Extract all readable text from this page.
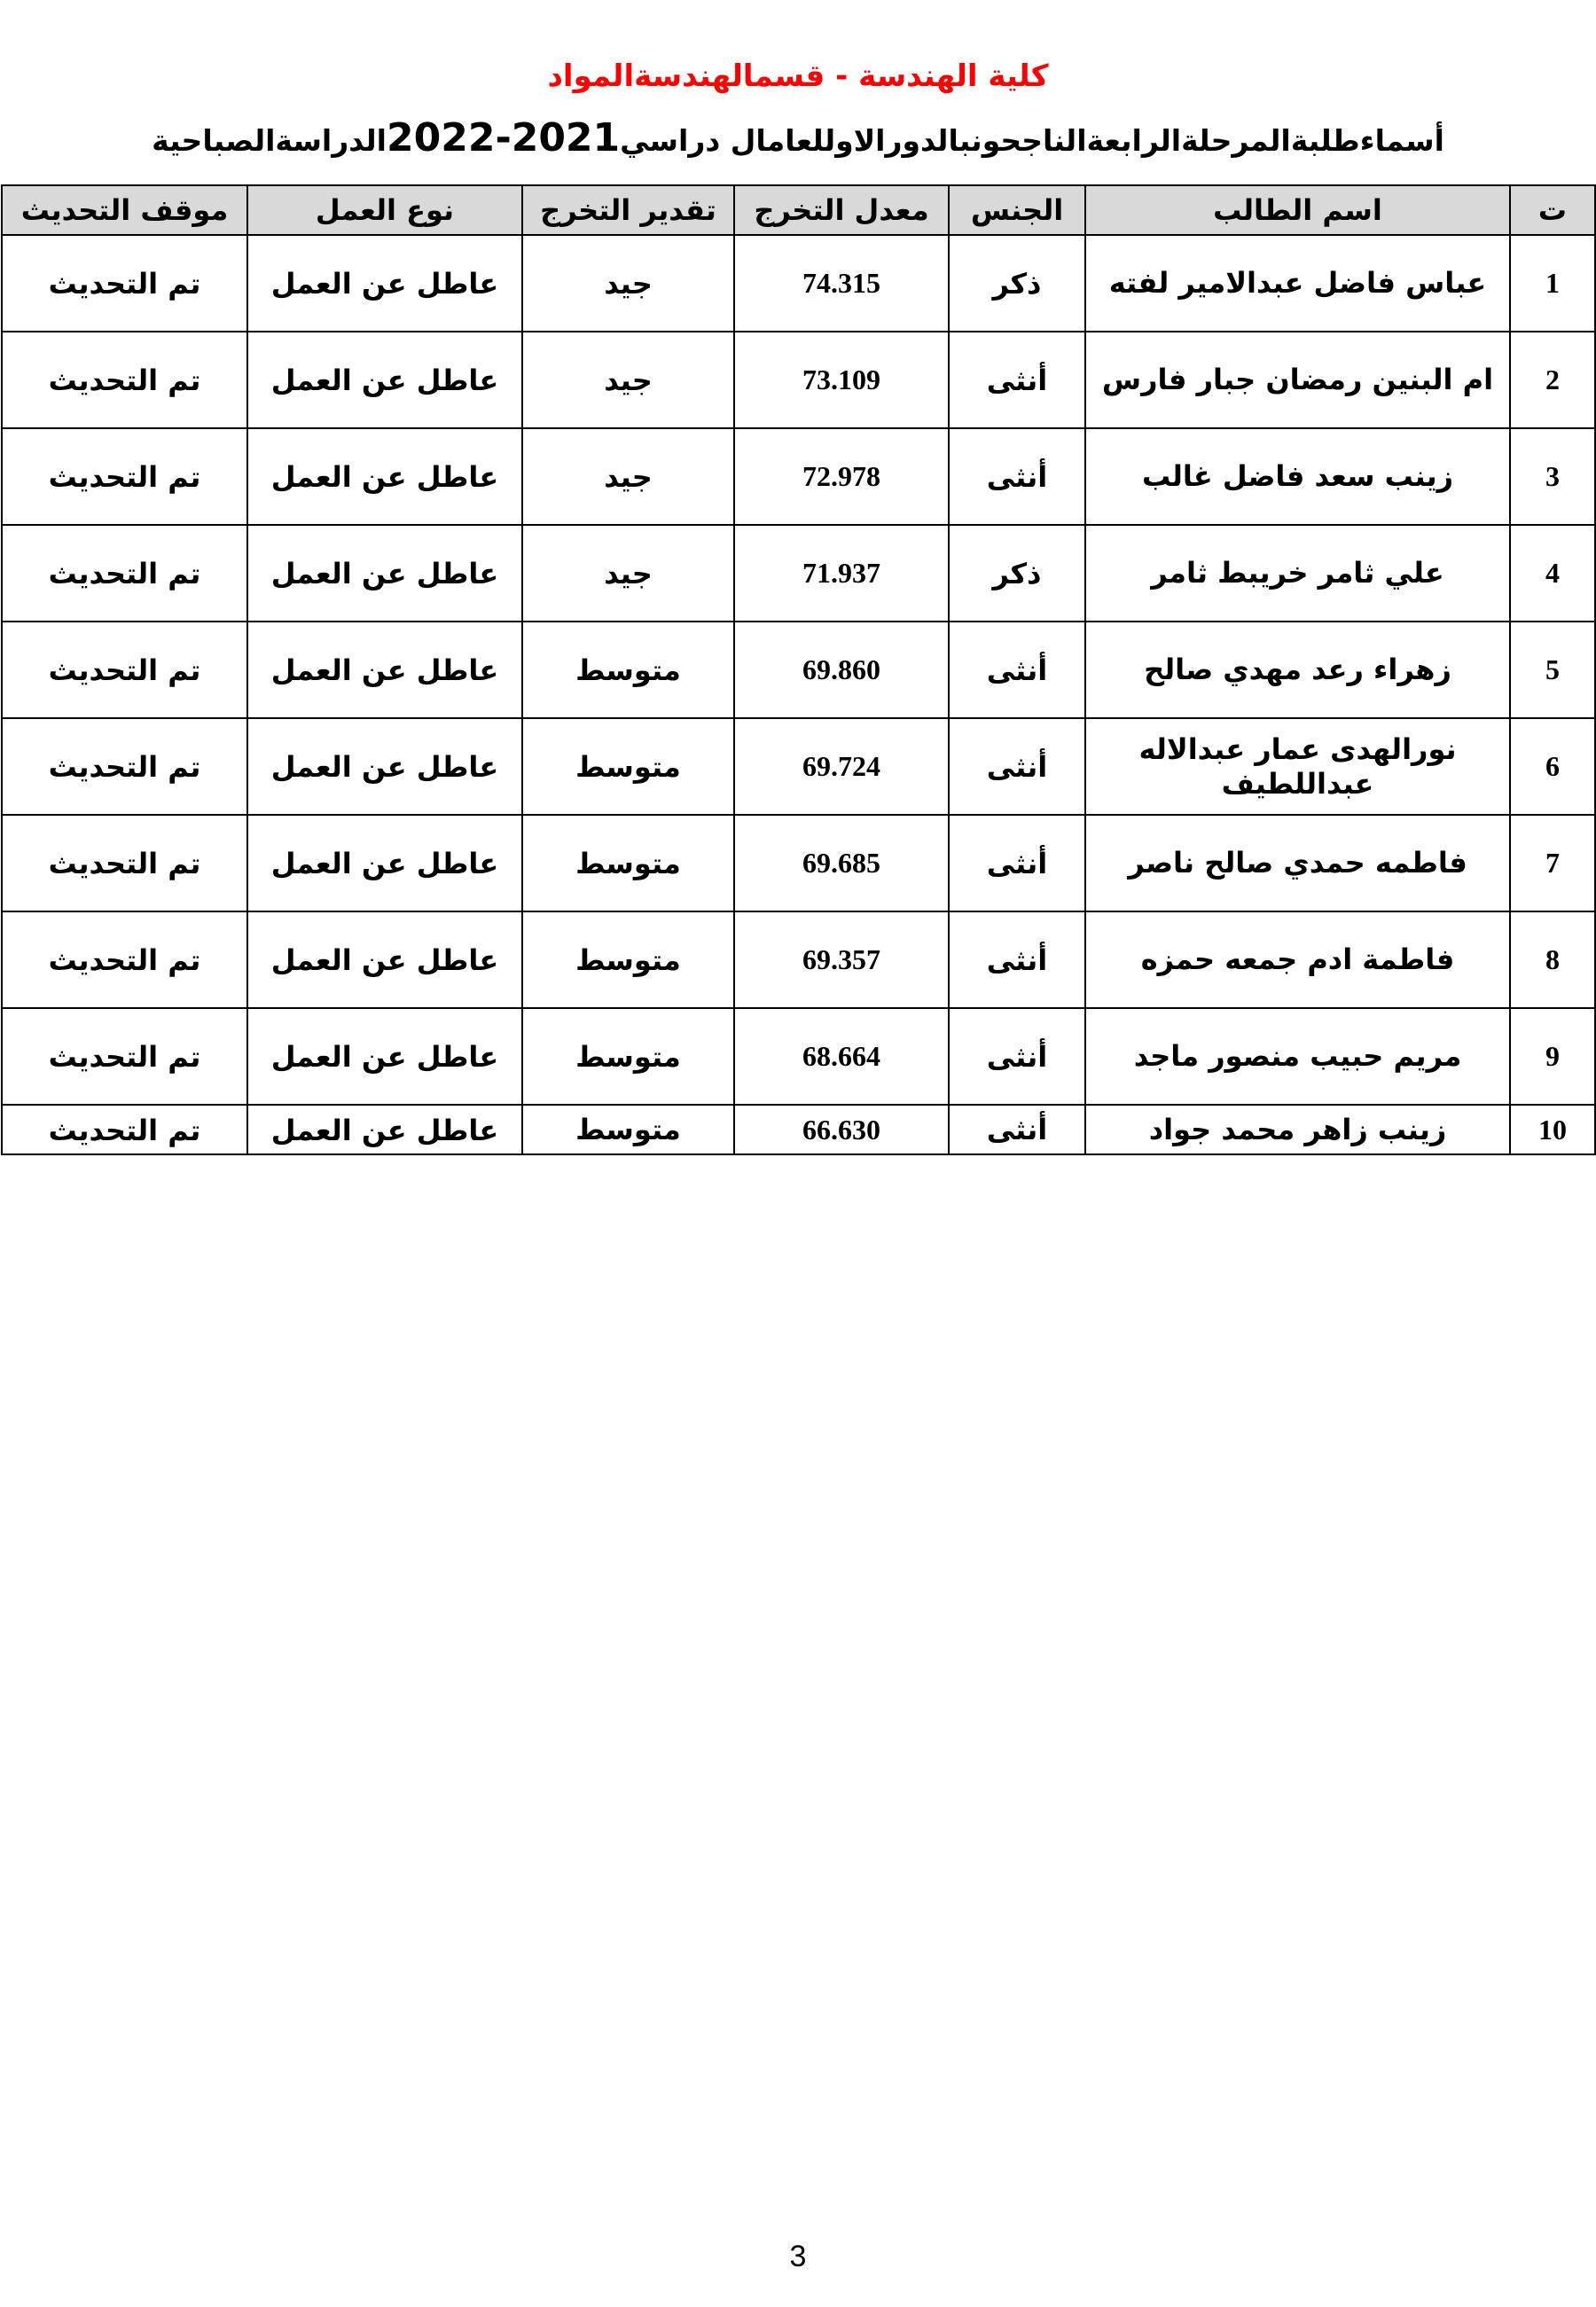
كلية الهندسة - قسمالهندسةالمواد
أسماءطلبةالمرحلةالرابعةالناجحونبالدورالاوللعامال دراسي2021-2022الدراسةالصباحية
ت	اسم الطالب	الجنس	معدل التخرج	تقدير التخرج	نوع العمل	موقف التحديث
1	عباس فاضل عبدالامير لفته	ذكر	74.315	جيد	عاطل عن العمل	تم التحديث
2	ام البنين رمضان جبار فارس	أنثى	73.109	جيد	عاطل عن العمل	تم التحديث
3	زينب سعد فاضل غالب	أنثى	72.978	جيد	عاطل عن العمل	تم التحديث
4	علي ثامر خريبط ثامر	ذكر	71.937	جيد	عاطل عن العمل	تم التحديث
5	زهراء رعد مهدي صالح	أنثى	69.860	متوسط	عاطل عن العمل	تم التحديث
6	نورالهدى عمار عبدالاله عبداللطيف	أنثى	69.724	متوسط	عاطل عن العمل	تم التحديث
7	فاطمه حمدي صالح ناصر	أنثى	69.685	متوسط	عاطل عن العمل	تم التحديث
8	فاطمة ادم جمعه حمزه	أنثى	69.357	متوسط	عاطل عن العمل	تم التحديث
9	مريم حبيب منصور ماجد	أنثى	68.664	متوسط	عاطل عن العمل	تم التحديث
10	زينب زاهر محمد جواد	أنثى	66.630	متوسط	عاطل عن العمل	تم التحديث
3
